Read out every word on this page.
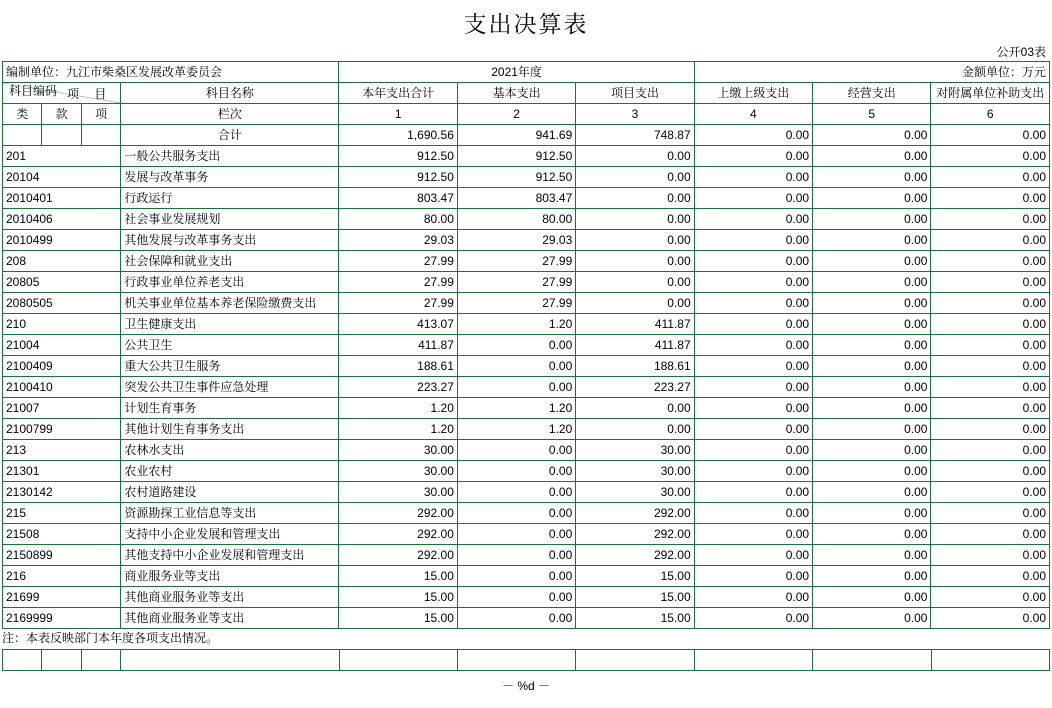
支出决算表
公开03表
编制单位：九江市柴桑区发展改革委员会				2021年度			金额单位：万元		

项 目

科目编码			科目名称	本年支出合计	基本支出	项目支出	上缴上级支出	经营支出	对附属单位补助支出

类	款	项	栏次	1	2	3	4	5	6
			合计	1,690.56	941.69	748.87	0.00	0.00	0.00
201			一般公共服务支出	912.50	912.50	0.00	0.00	0.00	0.00
20104			发展与改革事务	912.50	912.50	0.00	0.00	0.00	0.00
2010401			行政运行	803.47	803.47	0.00	0.00	0.00	0.00
2010406			社会事业发展规划	80.00	80.00	0.00	0.00	0.00	0.00
2010499			其他发展与改革事务支出	29.03	29.03	0.00	0.00	0.00	0.00
208			社会保障和就业支出	27.99	27.99	0.00	0.00	0.00	0.00
20805			行政事业单位养老支出	27.99	27.99	0.00	0.00	0.00	0.00
2080505			机关事业单位基本养老保险缴费支出	27.99	27.99	0.00	0.00	0.00	0.00
210			卫生健康支出	413.07	1.20	411.87	0.00	0.00	0.00
21004			公共卫生	411.87	0.00	411.87	0.00	0.00	0.00
2100409			重大公共卫生服务	188.61	0.00	188.61	0.00	0.00	0.00
2100410			突发公共卫生事件应急处理	223.27	0.00	223.27	0.00	0.00	0.00
21007			计划生育事务	1.20	1.20	0.00	0.00	0.00	0.00
2100799			其他计划生育事务支出	1.20	1.20	0.00	0.00	0.00	0.00
213			农林水支出	30.00	0.00	30.00	0.00	0.00	0.00
21301			农业农村	30.00	0.00	30.00	0.00	0.00	0.00
2130142			农村道路建设	30.00	0.00	30.00	0.00	0.00	0.00
215			资源勘探工业信息等支出	292.00	0.00	292.00	0.00	0.00	0.00
21508			支持中小企业发展和管理支出	292.00	0.00	292.00	0.00	0.00	0.00
2150899			其他支持中小企业发展和管理支出	292.00	0.00	292.00	0.00	0.00	0.00
216			商业服务业等支出	15.00	0.00	15.00	0.00	0.00	0.00
21699			其他商业服务业等支出	15.00	0.00	15.00	0.00	0.00	0.00
2169999			其他商业服务业等支出	15.00	0.00	15.00	0.00	0.00	0.00
注：本表反映部门本年度各项支出情况。

－ %d －
